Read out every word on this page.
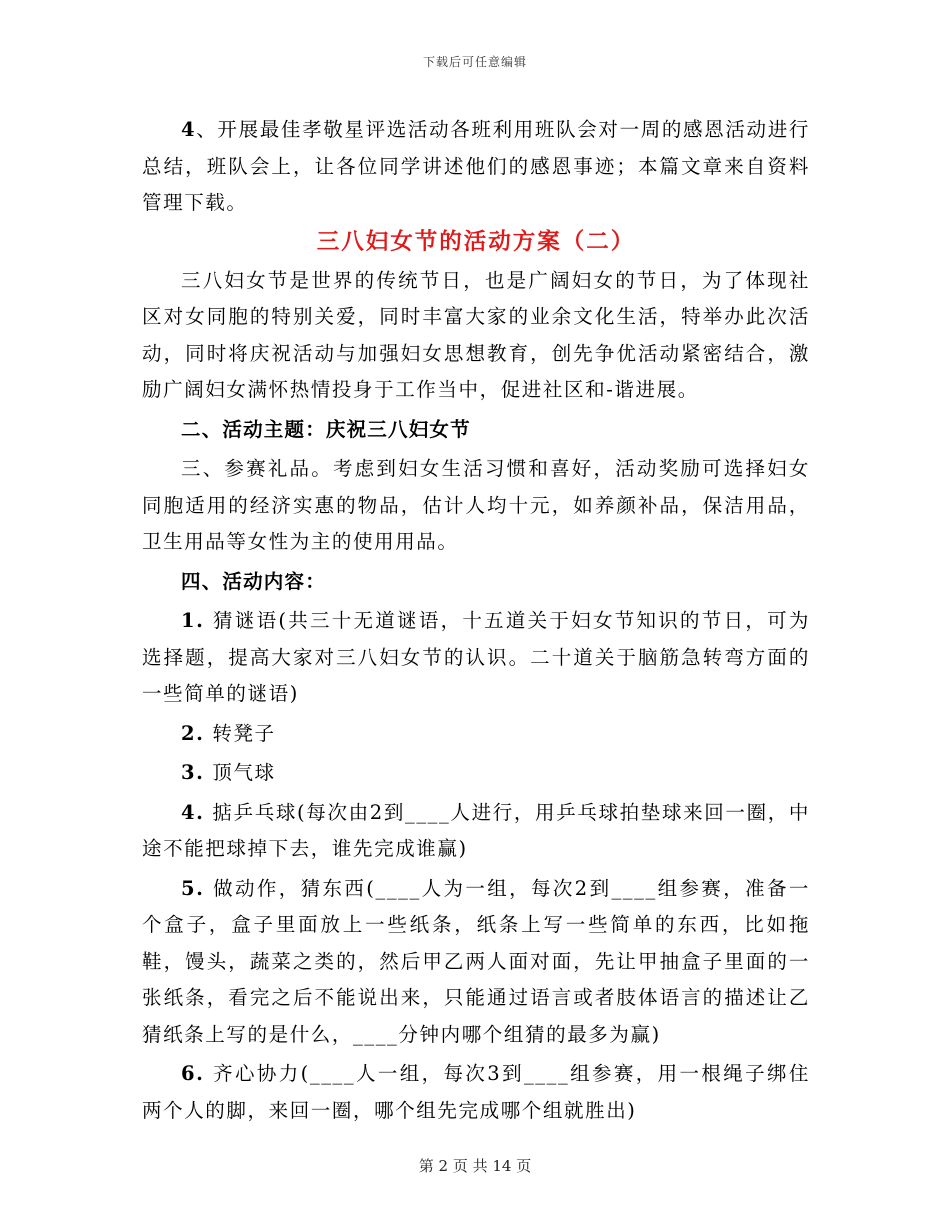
下载后可任意编辑

4、开展最佳孝敬星评选活动各班利用班队会对一周的感恩活动进行总结，班队会上，让各位同学讲述他们的感恩事迹；本篇文章来自资料管理下载。

三八妇女节的活动方案（二）

三八妇女节是世界的传统节日，也是广阔妇女的节日，为了体现社区对女同胞的特别关爱，同时丰富大家的业余文化生活，特举办此次活动，同时将庆祝活动与加强妇女思想教育，创先争优活动紧密结合，激励广阔妇女满怀热情投身于工作当中，促进社区和-谐进展。

二、活动主题：庆祝三八妇女节

三、参赛礼品。考虑到妇女生活习惯和喜好，活动奖励可选择妇女同胞适用的经济实惠的物品，估计人均十元，如养颜补品，保洁用品，卫生用品等女性为主的使用用品。

四、活动内容：

1. 猜谜语(共三十无道谜语，十五道关于妇女节知识的节日，可为选择题，提高大家对三八妇女节的认识。二十道关于脑筋急转弯方面的一些简单的谜语)

2. 转凳子

3. 顶气球

4. 掂乒乓球(每次由2到____人进行，用乒乓球拍垫球来回一圈，中途不能把球掉下去，谁先完成谁赢)

5. 做动作，猜东西(____人为一组，每次2到____组参赛，准备一个盒子，盒子里面放上一些纸条，纸条上写一些简单的东西，比如拖鞋，馒头，蔬菜之类的，然后甲乙两人面对面，先让甲抽盒子里面的一张纸条，看完之后不能说出来，只能通过语言或者肢体语言的描述让乙猜纸条上写的是什么，____分钟内哪个组猜的最多为赢)

6. 齐心协力(____人一组，每次3到____组参赛，用一根绳子绑住两个人的脚，来回一圈，哪个组先完成哪个组就胜出)

第 2 页 共 14 页
